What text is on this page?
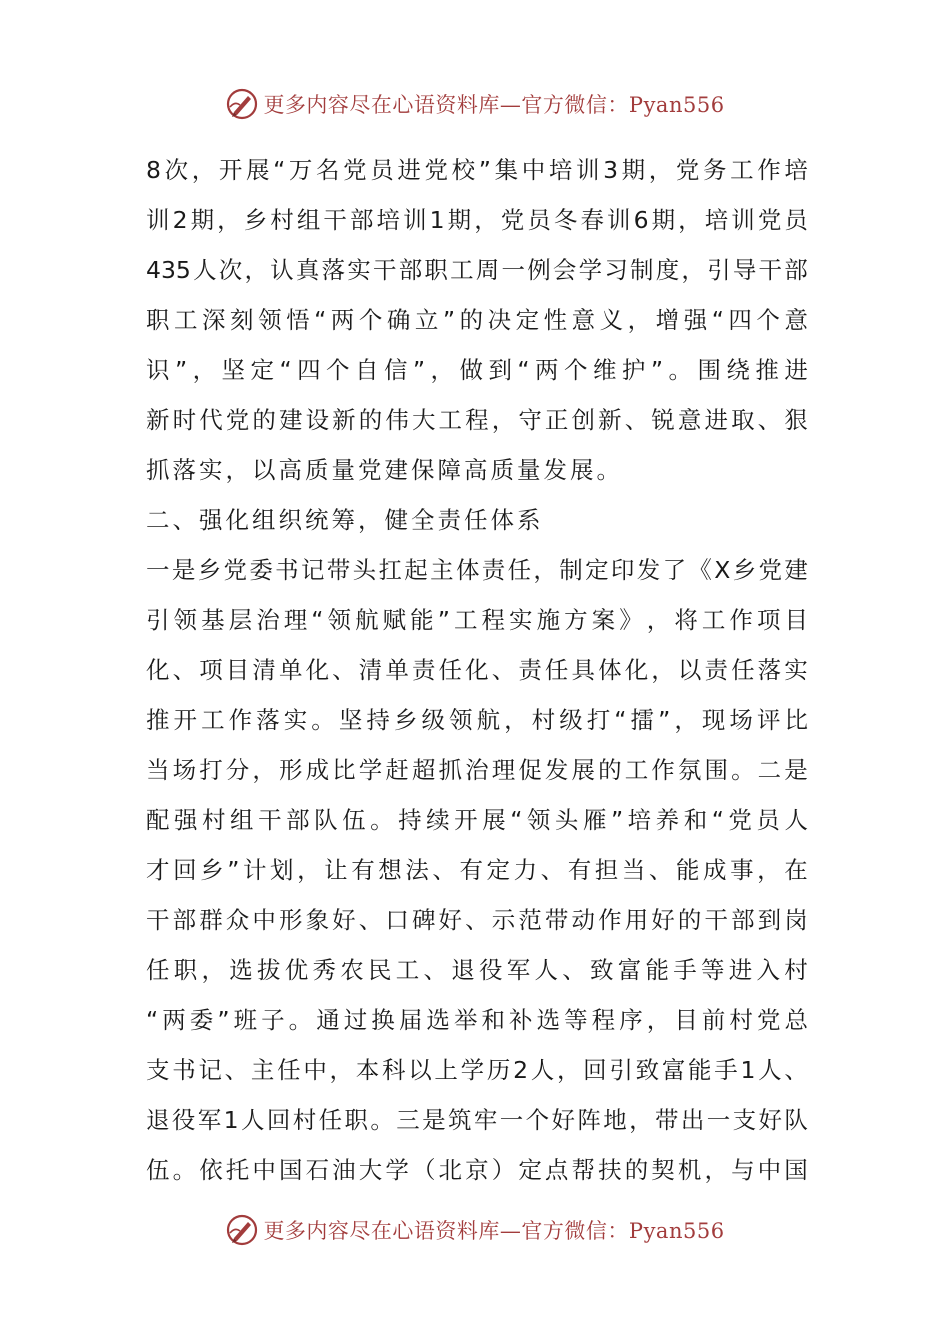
更多内容尽在心语资料库—官方微信：Pyan556
8 次 ， 开 展 “ 万 名 党 员 进 党 校 ” 集 中 培 训 3 期 ， 党 务 工 作 培
训 2 期 ， 乡 村 组 干 部 培 训 1 期 ， 党 员 冬 春 训 6 期 ， 培 训 党 员
435 人 次 ， 认 真 落 实 干 部 职 工 周 一 例 会 学 习 制 度 ， 引 导 干 部
职 工 深 刻 领 悟 “ 两 个 确 立 ” 的 决 定 性 意 义 ， 增 强 “ 四 个 意
识 ” ， 坚 定 “ 四 个 自 信 ” ， 做 到 “ 两 个 维 护 ” 。 围 绕 推 进
新 时 代 党 的 建 设 新 的 伟 大 工 程 ， 守 正 创 新 、 锐 意 进 取 、 狠
抓落实，以高质量党建保障高质量发展。
二、强化组织统筹，健全责任体系
一 是 乡 党 委 书 记 带 头 扛 起 主 体 责 任 ， 制 定 印 发 了 《 X 乡 党 建
引 领 基 层 治 理 “ 领 航 赋 能 ” 工 程 实 施 方 案 》 ， 将 工 作 项 目
化 、 项 目 清 单 化 、 清 单 责 任 化 、 责 任 具 体 化 ， 以 责 任 落 实
推 开 工 作 落 实 。 坚 持 乡 级 领 航 ， 村 级 打 “ 擂 ” ， 现 场 评 比
当 场 打 分 ， 形 成 比 学 赶 超 抓 治 理 促 发 展 的 工 作 氛 围 。 二 是
配 强 村 组 干 部 队 伍 。 持 续 开 展 “ 领 头 雁 ” 培 养 和 “ 党 员 人
才 回 乡 ” 计 划 ， 让 有 想 法 、 有 定 力 、 有 担 当 、 能 成 事 ， 在
干 部 群 众 中 形 象 好 、 口 碑 好 、 示 范 带 动 作 用 好 的 干 部 到 岗
任 职 ， 选 拔 优 秀 农 民 工 、 退 役 军 人 、 致 富 能 手 等 进 入 村
“ 两 委 ” 班 子 。 通 过 换 届 选 举 和 补 选 等 程 序 ， 目 前 村 党 总
支 书 记 、 主 任 中 ， 本 科 以 上 学 历 2 人 ， 回 引 致 富 能 手 1 人 、
退 役 军 1 人 回 村 任 职 。 三 是 筑 牢 一 个 好 阵 地 ， 带 出 一 支 好 队
伍 。 依 托 中 国 石 油 大 学 （ 北 京 ） 定 点 帮 扶 的 契 机 ， 与 中 国
更多内容尽在心语资料库—官方微信：Pyan556
